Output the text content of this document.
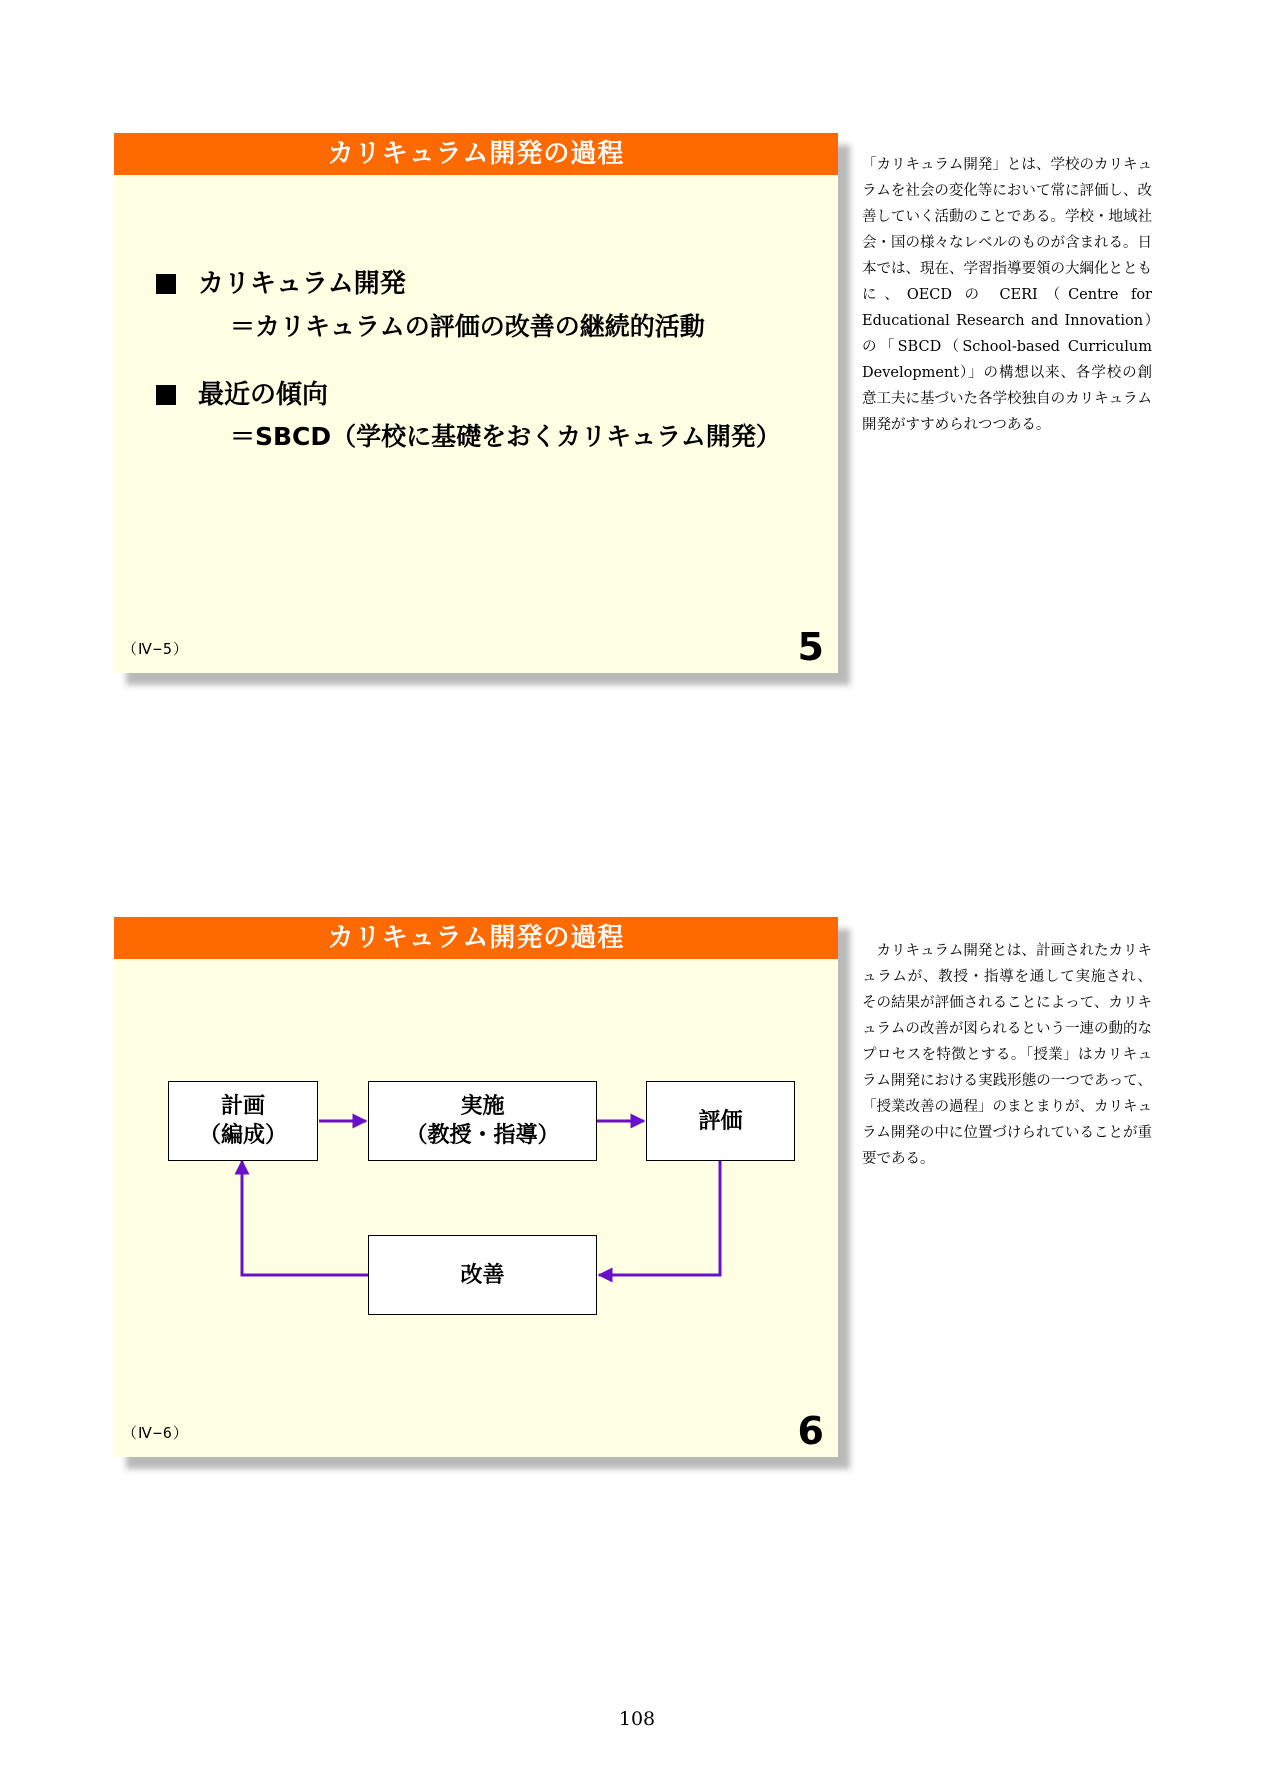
カリキュラム開発の過程
カリキュラム開発
＝カリキュラムの評価の改善の継続的活動
最近の傾向
＝SBCD（学校に基礎をおくカリキュラム開発）
（Ⅳ−5）	5

「カリキュラム開発」とは、学校のカリキュラムを社会の変化等において常に評価し、改善していく活動のことである。学校・地域社会・国の様々なレベルのものが含まれる。日本では、現在、学習指導要領の大綱化とともに、OECD の CERI（Centre for Educational Research and Innovation）の「SBCD（School-based Curriculum Development）」の構想以来、各学校の創意工夫に基づいた各学校独自のカリキュラム開発がすすめられつつある。

カリキュラム開発の過程
計画
（編成）
実施
（教授・指導）
評価
改善
（Ⅳ−6）	6

カリキュラム開発とは、計画されたカリキュラムが、教授・指導を通して実施され、その結果が評価されることによって、カリキュラムの改善が図られるという一連の動的なプロセスを特徴とする。「授業」はカリキュラム開発における実践形態の一つであって、「授業改善の過程」のまとまりが、カリキュラム開発の中に位置づけられていることが重要である。

108
